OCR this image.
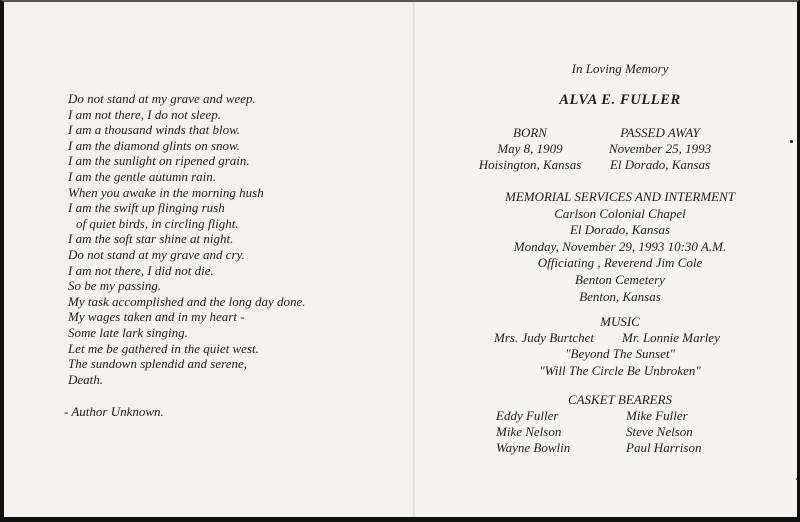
Do not stand at my grave and weep.
I am not there, I do not sleep.
I am a thousand winds that blow.
I am the diamond glints on snow.
I am the sunlight on ripened grain.
I am the gentle autumn rain.
When you awake in the morning hush
I am the swift up flinging rush
of quiet birds, in circling flight.
I am the soft star shine at night.
Do not stand at my grave and cry.
I am not there, I did not die.
So be my passing.
My task accomplished and the long day done.
My wages taken and in my heart -
Some late lark singing.
Let me be gathered in the quiet west.
The sundown splendid and serene,
Death.
- Author Unknown.
In Loving Memory
ALVA E. FULLER
BORN
May 8, 1909
Hoisington, Kansas
PASSED AWAY
November 25, 1993
El Dorado, Kansas
MEMORIAL SERVICES AND INTERMENT
Carlson Colonial Chapel
El Dorado, Kansas
Monday, November 29, 1993 10:30 A.M.
Officiating , Reverend Jim Cole
Benton Cemetery
Benton, Kansas
MUSIC
Mrs. Judy Burtchet Mr. Lonnie Marley
"Beyond The Sunset"
"Will The Circle Be Unbroken"
CASKET BEARERS
Eddy Fuller
Mike Nelson
Wayne Bowlin
Mike Fuller
Steve Nelson
Paul Harrison
